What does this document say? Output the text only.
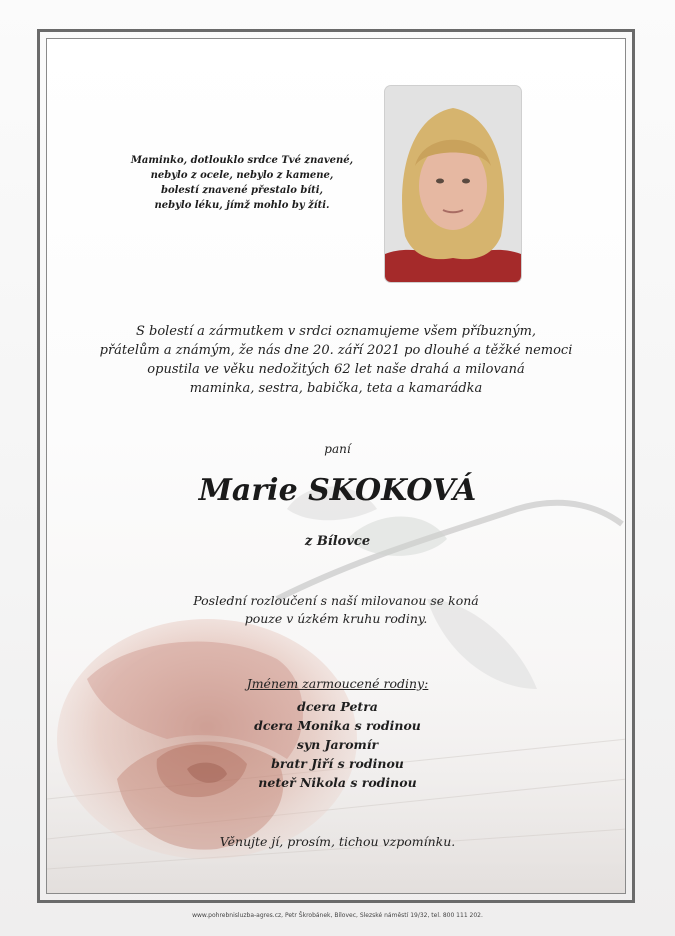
Maminko, dotlouklo srdce Tvé znavené,
nebylo z ocele, nebylo z kamene,
bolestí znavené přestalo bíti,
nebylo léku, jímž mohlo by žíti.
S bolestí a zármutkem v srdci oznamujeme všem příbuzným,
přátelům a známým, že nás dne 20. září 2021 po dlouhé a těžké nemoci
opustila ve věku nedožitých 62 let naše drahá a milovaná
maminka, sestra, babička, teta a kamarádka
paní
Marie SKOKOVÁ
z Bílovce
Poslední rozloučení s naší milovanou se koná
pouze v úzkém kruhu rodiny.
Jménem zarmoucené rodiny:
dcera Petra
dcera Monika s rodinou
syn Jaromír
bratr Jiří s rodinou
neteř Nikola s rodinou
Věnujte jí, prosím, tichou vzpomínku.
www.pohrebnisluzba-agres.cz, Petr Škrobánek, Bílovec, Slezské náměstí 19/32, tel. 800 111 202.
